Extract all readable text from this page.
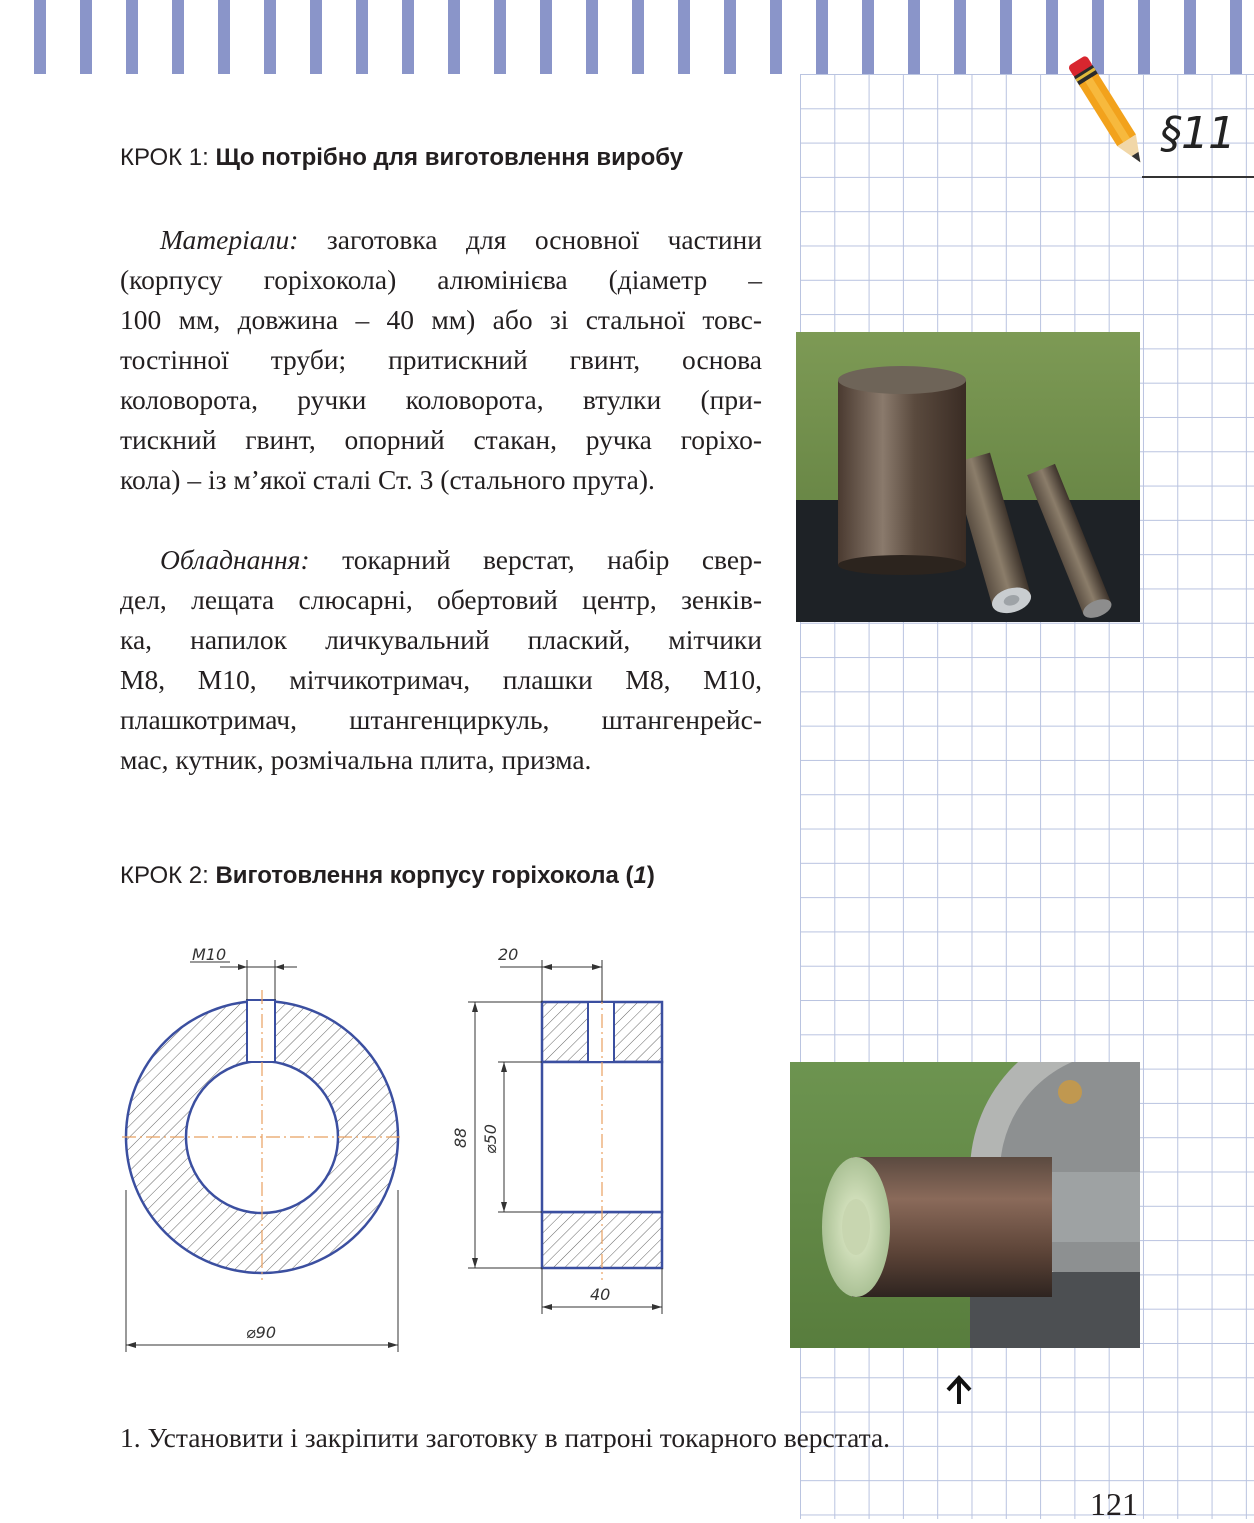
§11
КРОК 1: Що потрібно для виготовлення виробу
Матеріали: заготовка для основної частини
(корпусу горіхокола) алюмінієва (діаметр –
100 мм, довжина – 40 мм) або зі стальної товс-
тостінної труби; притискний гвинт, основа
коловорота, ручки коловорота, втулки (при-
тискний гвинт, опорний стакан, ручка горіхо-
кола) – із м’якої сталі Ст. 3 (стального прута).
Обладнання: токарний верстат, набір свер-
дел, лещата слюсарні, обертовий центр, зенків-
ка, напилок личкувальний плаский, мітчики
М8, М10, мітчикотримач, плашки М8, М10,
плашкотримач, штангенциркуль, штангенрейс-
мас, кутник, розмічальна плита, призма.
КРОК 2: Виготовлення корпусу горіхокола (1)
M10
⌀90
20
88 ⌀50
40
1. Установити і закріпити заготовку в патроні токарного верстата.
121
